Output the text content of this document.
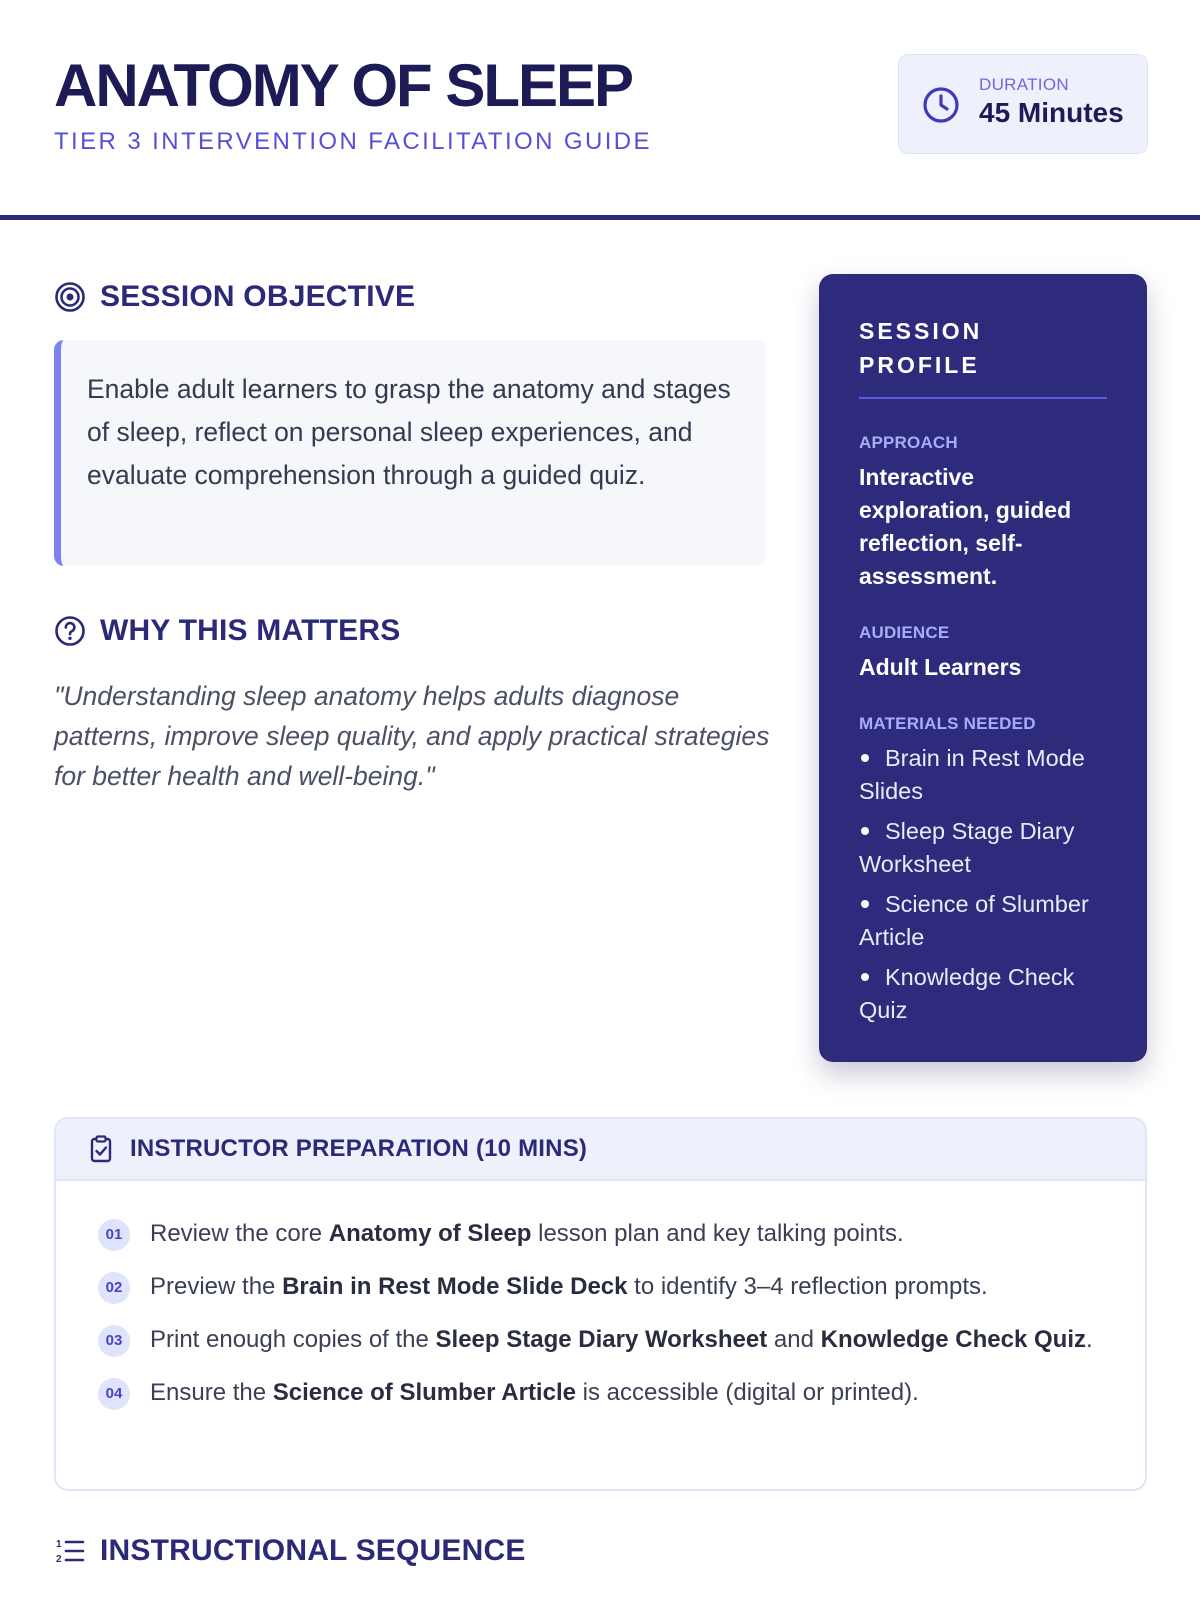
ANATOMY OF SLEEP
TIER 3 INTERVENTION FACILITATION GUIDE
DURATION
45 Minutes
SESSION OBJECTIVE
Enable adult learners to grasp the anatomy and stages of sleep, reflect on personal sleep experiences, and evaluate comprehension through a guided quiz.
WHY THIS MATTERS
"Understanding sleep anatomy helps adults diagnose patterns, improve sleep quality, and apply practical strategies for better health and well-being."
SESSION PROFILE
APPROACH
Interactive exploration, guided reflection, self-assessment.
AUDIENCE
Adult Learners
MATERIALS NEEDED
Brain in Rest Mode Slides
Sleep Stage Diary Worksheet
Science of Slumber Article
Knowledge Check Quiz
INSTRUCTOR PREPARATION (10 MINS)
01	Review the core Anatomy of Sleep lesson plan and key talking points.
02	Preview the Brain in Rest Mode Slide Deck to identify 3–4 reflection prompts.
03	Print enough copies of the Sleep Stage Diary Worksheet and Knowledge Check Quiz.
04	Ensure the Science of Slumber Article is accessible (digital or printed).
1
2 INSTRUCTIONAL SEQUENCE
